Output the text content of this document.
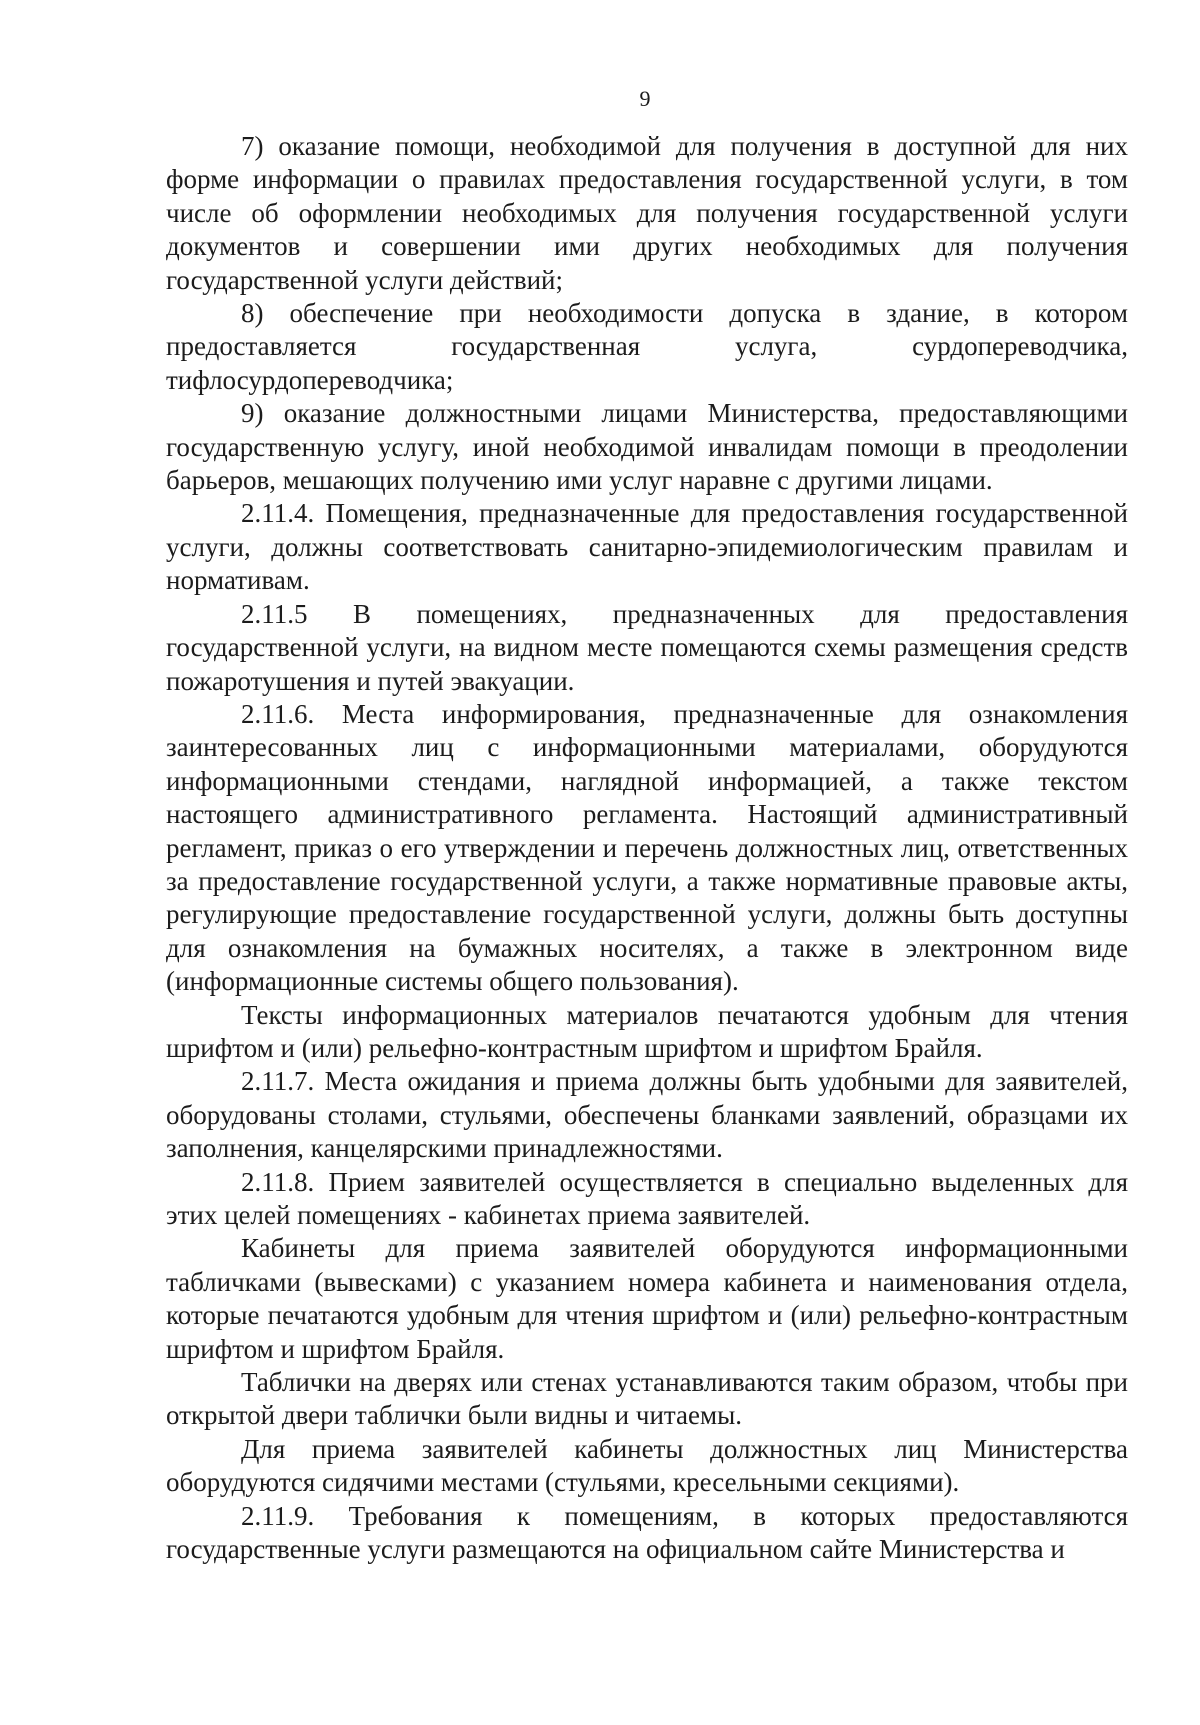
9

7) оказание помощи, необходимой для получения в доступной для них форме информации о правилах предоставления государственной услуги, в том числе об оформлении необходимых для получения государственной услуги документов и совершении ими других необходимых для получения государственной услуги действий;

8) обеспечение при необходимости допуска в здание, в котором предоставляется государственная услуга, сурдопереводчика, тифлосурдопереводчика;

9) оказание должностными лицами Министерства, предоставляющими государственную услугу, иной необходимой инвалидам помощи в преодолении барьеров, мешающих получению ими услуг наравне с другими лицами.

2.11.4. Помещения, предназначенные для предоставления государственной услуги, должны соответствовать санитарно-эпидемиологическим правилам и нормативам.

2.11.5 В помещениях, предназначенных для предоставления государственной услуги, на видном месте помещаются схемы размещения средств пожаротушения и путей эвакуации.

2.11.6. Места информирования, предназначенные для ознакомления заинтересованных лиц с информационными материалами, оборудуются информационными стендами, наглядной информацией, а также текстом настоящего административного регламента. Настоящий административный регламент, приказ о его утверждении и перечень должностных лиц, ответственных за предоставление государственной услуги, а также нормативные правовые акты, регулирующие предоставление государственной услуги, должны быть доступны для ознакомления на бумажных носителях, а также в электронном виде (информационные системы общего пользования).

Тексты информационных материалов печатаются удобным для чтения шрифтом и (или) рельефно-контрастным шрифтом и шрифтом Брайля.

2.11.7. Места ожидания и приема должны быть удобными для заявителей, оборудованы столами, стульями, обеспечены бланками заявлений, образцами их заполнения, канцелярскими принадлежностями.

2.11.8. Прием заявителей осуществляется в специально выделенных для этих целей помещениях - кабинетах приема заявителей.

Кабинеты для приема заявителей оборудуются информационными табличками (вывесками) с указанием номера кабинета и наименования отдела, которые печатаются удобным для чтения шрифтом и (или) рельефно-контрастным шрифтом и шрифтом Брайля.

Таблички на дверях или стенах устанавливаются таким образом, чтобы при открытой двери таблички были видны и читаемы.

Для приема заявителей кабинеты должностных лиц Министерства оборудуются сидячими местами (стульями, кресельными секциями).

2.11.9. Требования к помещениям, в которых предоставляются государственные услуги размещаются на официальном сайте Министерства и
